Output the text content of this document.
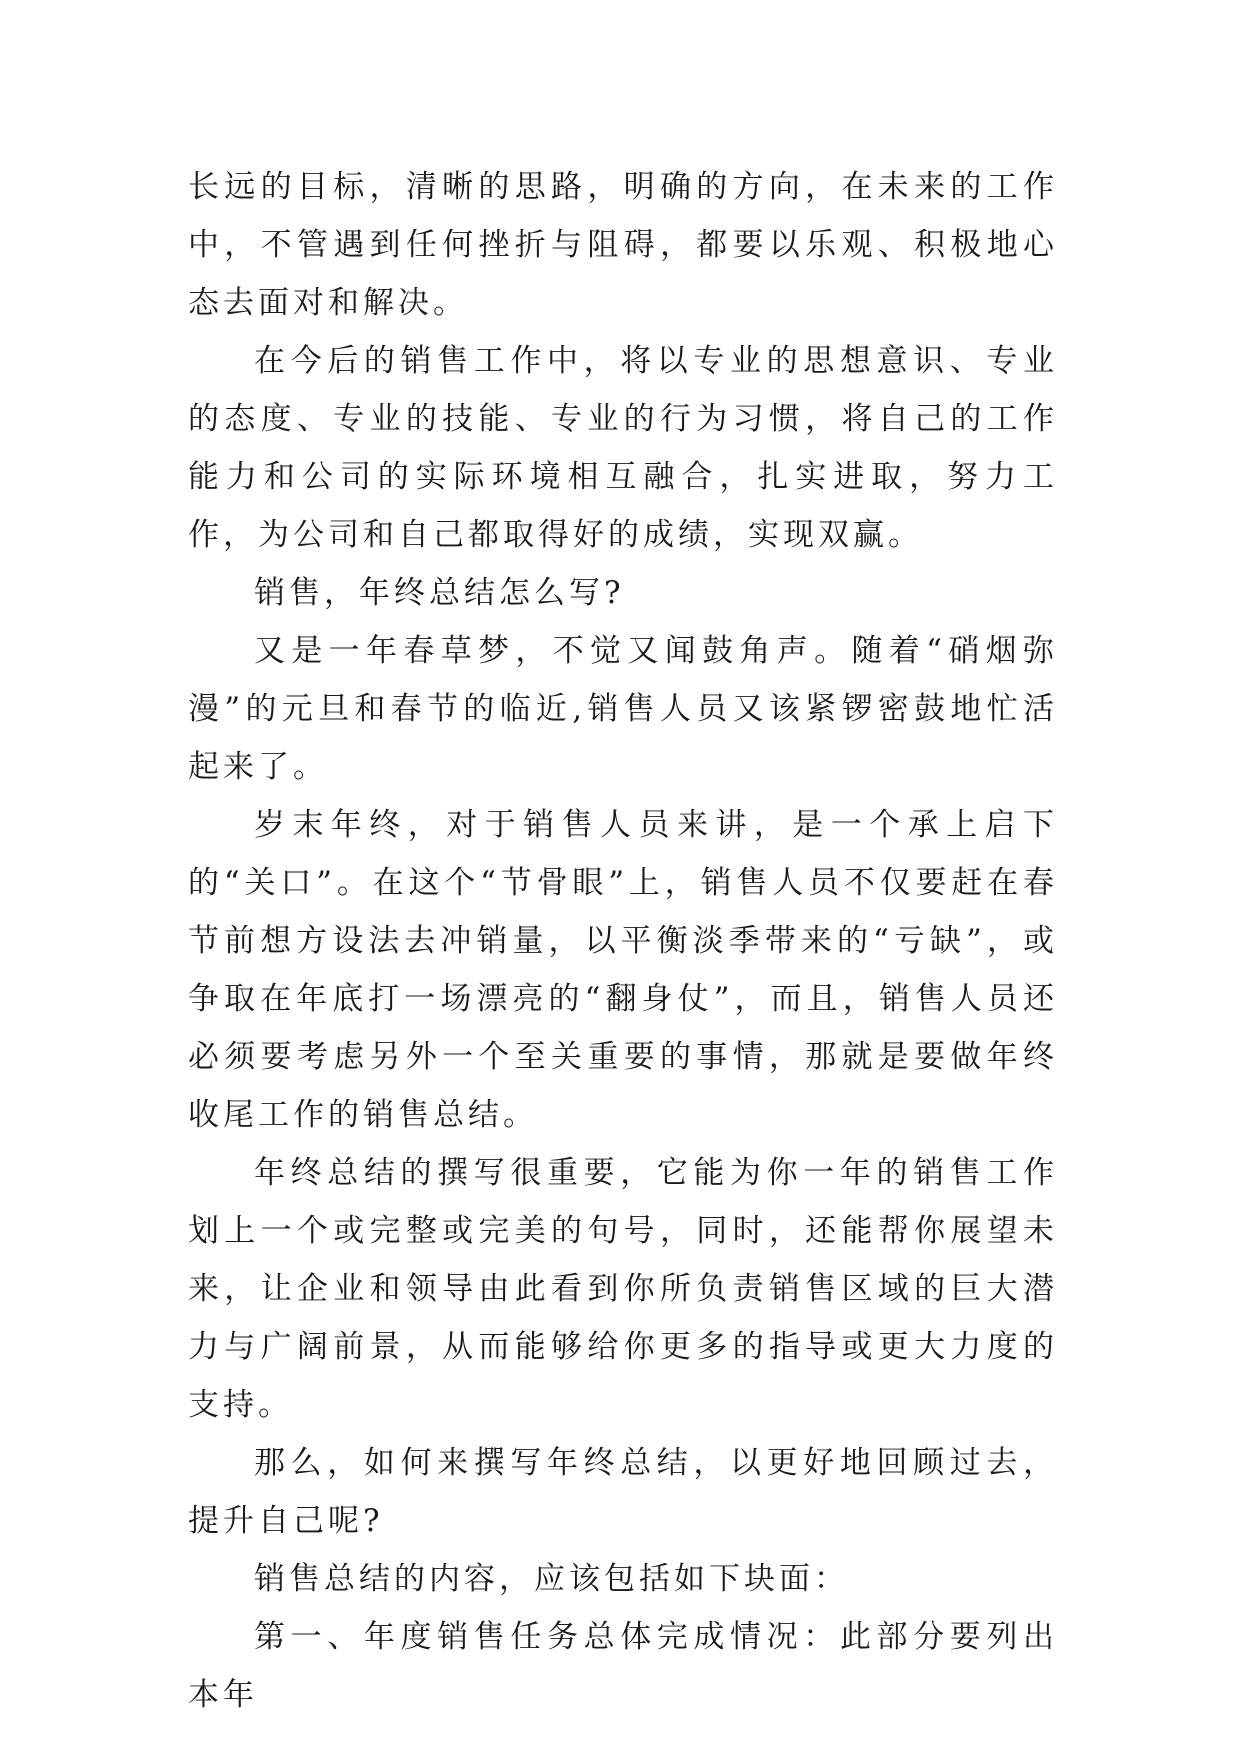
长远的目标，清晰的思路，明确的方向，在未来的工作中，不管遇到任何挫折与阻碍，都要以乐观、积极地心态去面对和解决。

在今后的销售工作中，将以专业的思想意识、专业的态度、专业的技能、专业的行为习惯，将自己的工作能力和公司的实际环境相互融合，扎实进取，努力工作，为公司和自己都取得好的成绩，实现双赢。

销售，年终总结怎么写?

又是一年春草梦，不觉又闻鼓角声。随着“硝烟弥漫”的元旦和春节的临近,销售人员又该紧锣密鼓地忙活起来了。

岁末年终，对于销售人员来讲，是一个承上启下的“关口”。在这个“节骨眼”上，销售人员不仅要赶在春节前想方设法去冲销量，以平衡淡季带来的“亏缺”，或争取在年底打一场漂亮的“翻身仗”，而且，销售人员还必须要考虑另外一个至关重要的事情，那就是要做年终收尾工作的销售总结。

年终总结的撰写很重要，它能为你一年的销售工作划上一个或完整或完美的句号，同时，还能帮你展望未来，让企业和领导由此看到你所负责销售区域的巨大潜力与广阔前景，从而能够给你更多的指导或更大力度的支持。

那么，如何来撰写年终总结，以更好地回顾过去，提升自己呢?

销售总结的内容，应该包括如下块面：

第一、年度销售任务总体完成情况：此部分要列出本年
